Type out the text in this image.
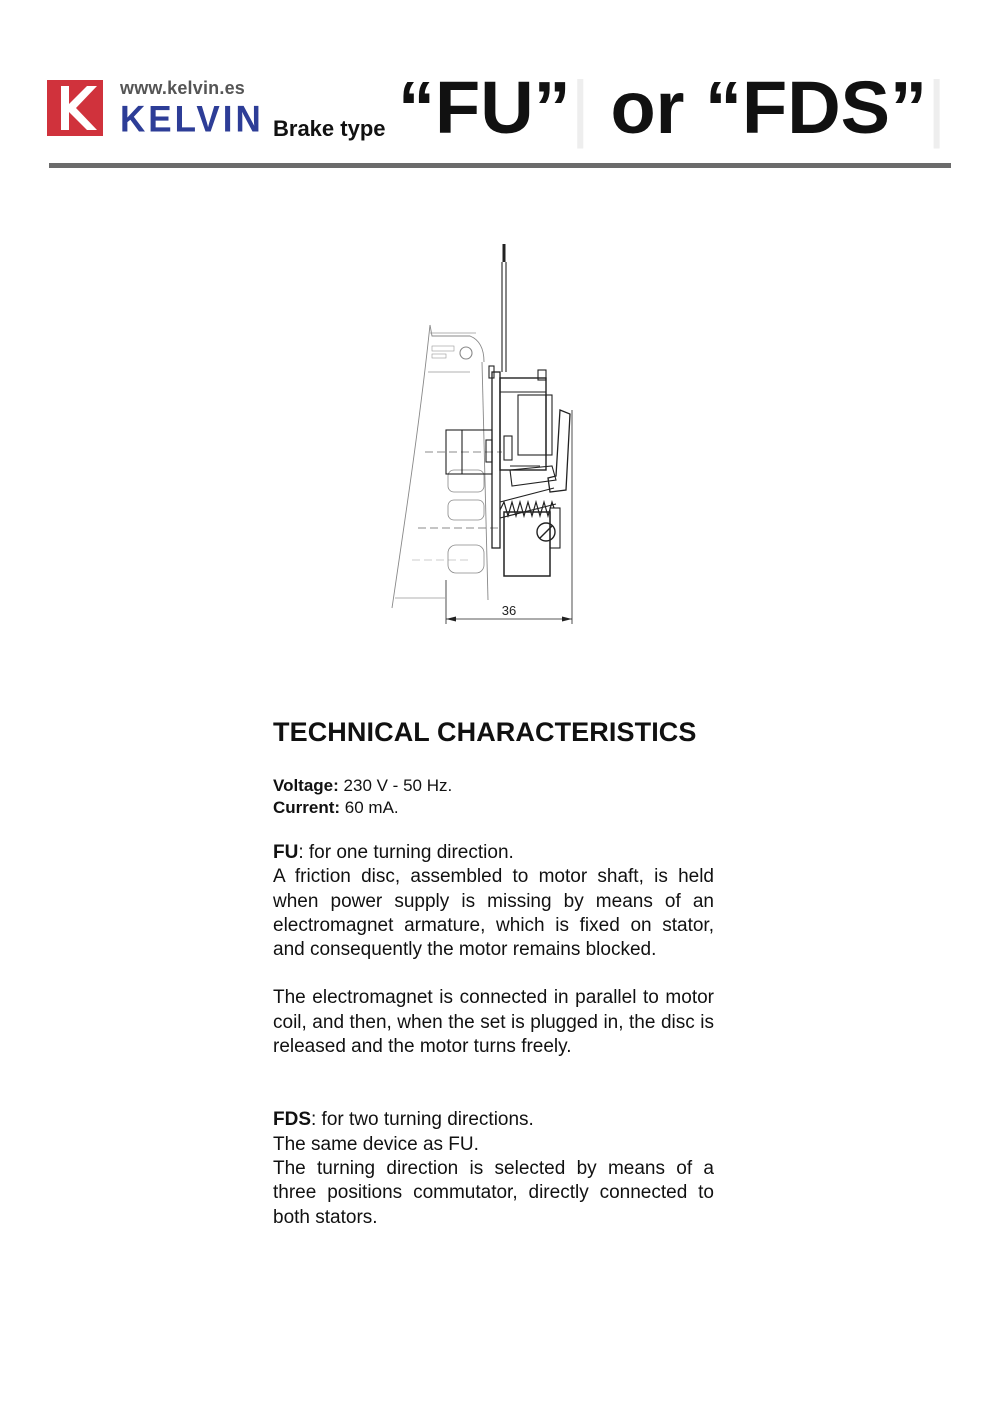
www.kelvin.es
KELVIN Brake type “FU”| or “FDS”|
36
TECHNICAL CHARACTERISTICS

Voltage: 230 V - 50 Hz.

Current: 60 mA.

FU: for one turning direction.

A friction disc, assembled to motor shaft, is held when power supply is missing by means of an electromagnet armature, which is fixed on stator, and consequently the motor remains blocked.

The electromagnet is connected in parallel to motor coil, and then, when the set is plugged in, the disc is released and the motor turns freely.

FDS: for two turning directions.

The same device as FU.

The turning direction is selected by means of a three positions commutator, directly connected to both stators.
